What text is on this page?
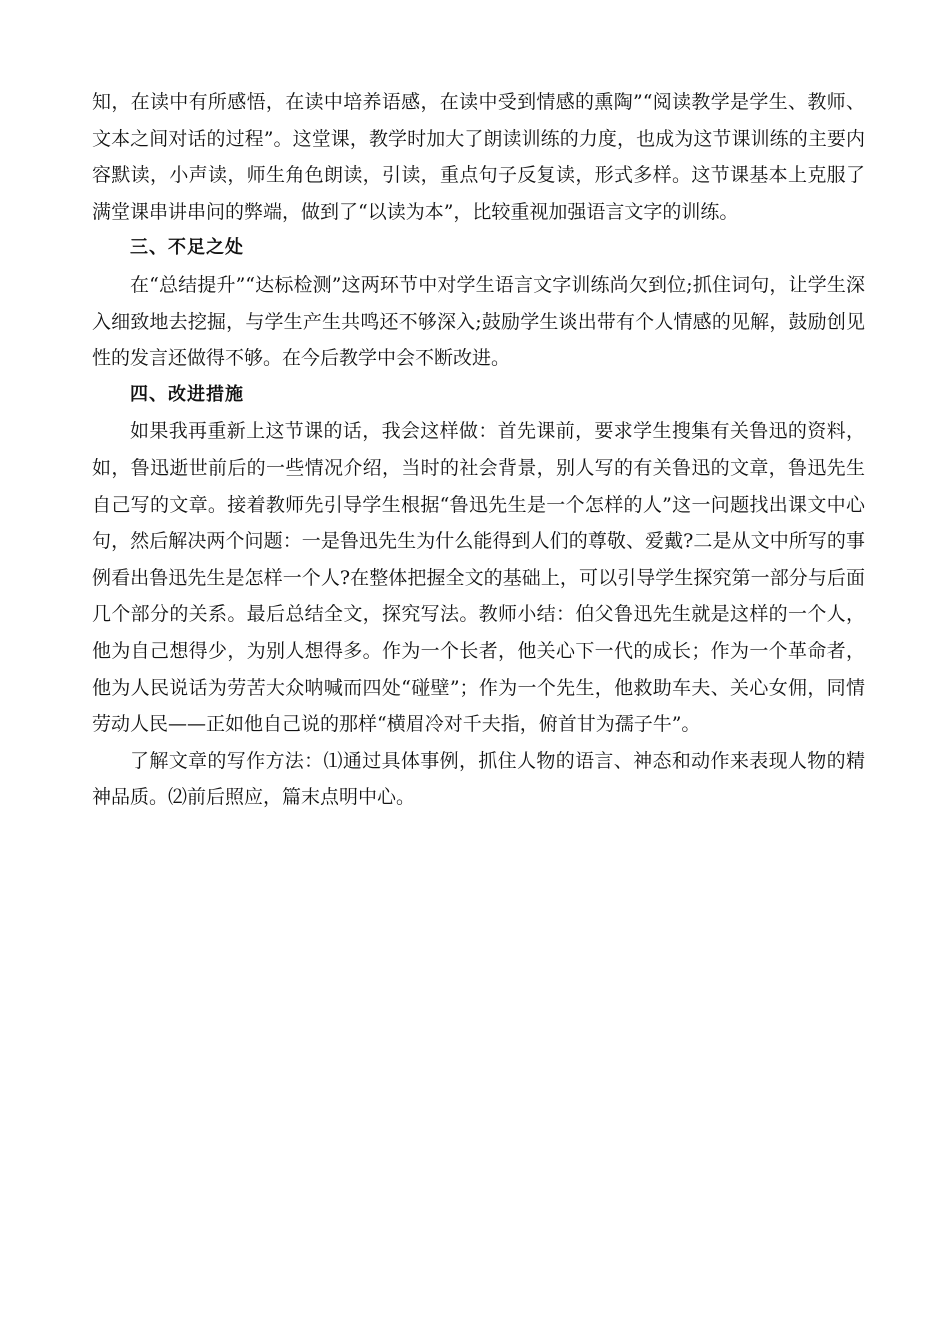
知，在读中有所感悟，在读中培养语感，在读中受到情感的熏陶”“阅读教学是学生、教师、文本之间对话的过程”。这堂课，教学时加大了朗读训练的力度，也成为这节课训练的主要内容默读，小声读，师生角色朗读，引读，重点句子反复读，形式多样。这节课基本上克服了满堂课串讲串问的弊端，做到了“以读为本”，比较重视加强语言文字的训练。

三、不足之处

在“总结提升”“达标检测”这两环节中对学生语言文字训练尚欠到位;抓住词句，让学生深入细致地去挖掘，与学生产生共鸣还不够深入;鼓励学生谈出带有个人情感的见解，鼓励创见性的发言还做得不够。在今后教学中会不断改进。

四、改进措施

如果我再重新上这节课的话，我会这样做：首先课前，要求学生搜集有关鲁迅的资料，如，鲁迅逝世前后的一些情况介绍，当时的社会背景，别人写的有关鲁迅的文章，鲁迅先生自己写的文章。接着教师先引导学生根据“鲁迅先生是一个怎样的人”这一问题找出课文中心句，然后解决两个问题：一是鲁迅先生为什么能得到人们的尊敬、爱戴?二是从文中所写的事例看出鲁迅先生是怎样一个人?在整体把握全文的基础上，可以引导学生探究第一部分与后面几个部分的关系。最后总结全文，探究写法。教师小结：伯父鲁迅先生就是这样的一个人，他为自己想得少，为别人想得多。作为一个长者，他关心下一代的成长；作为一个革命者，他为人民说话为劳苦大众呐喊而四处“碰壁”；作为一个先生，他救助车夫、关心女佣，同情劳动人民——正如他自己说的那样“横眉冷对千夫指，俯首甘为孺子牛”。

了解文章的写作方法：⑴通过具体事例，抓住人物的语言、神态和动作来表现人物的精神品质。⑵前后照应，篇末点明中心。
